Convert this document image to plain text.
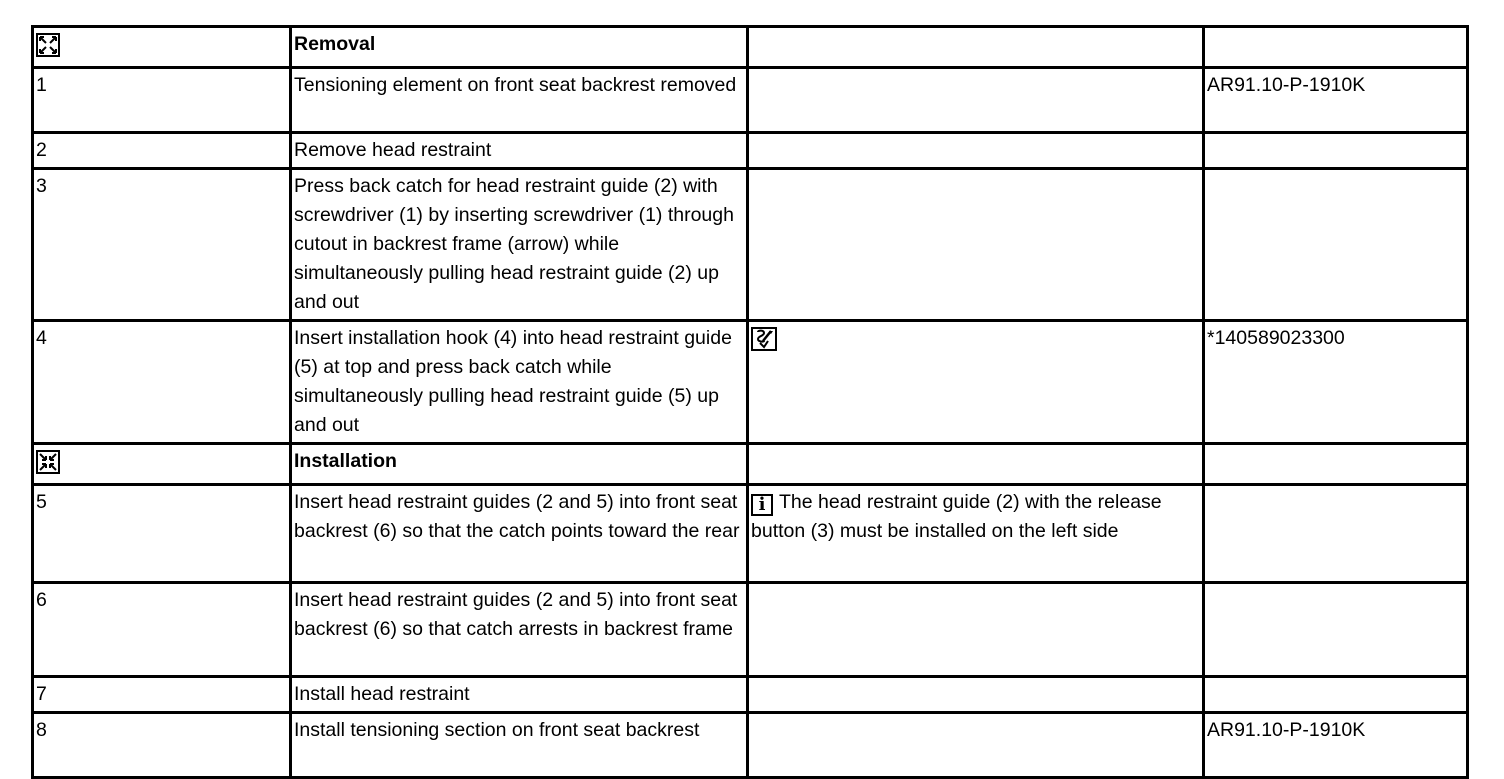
	Removal		
1	Tensioning element on front seat backrest removed		AR91.10-P-1910K
2	Remove head restraint		
3	Press back catch for head restraint guide (2) with screwdriver (1) by inserting screwdriver (1) through cutout in backrest frame (arrow) while simultaneously pulling head restraint guide (2) up and out		
4	Insert installation hook (4) into head restraint guide (5) at top and press back catch while simultaneously pulling head restraint guide (5) up and out		*140589023300

	Installation		
5	Insert head restraint guides (2 and 5) into front seat backrest (6) so that the catch points toward the rear	i The head restraint guide (2) with the release button (3) must be installed on the left side	
6	Insert head restraint guides (2 and 5) into front seat backrest (6) so that catch arrests in backrest frame		
7	Install head restraint		
8	Install tensioning section on front seat backrest		AR91.10-P-1910K
